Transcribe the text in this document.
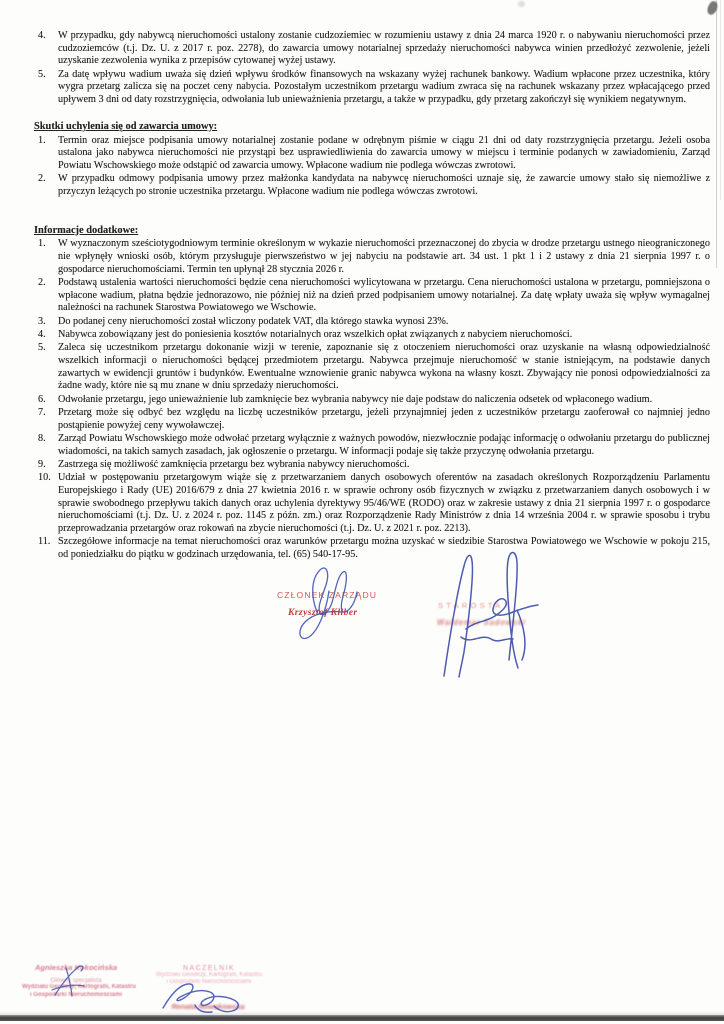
4.	W przypadku, gdy nabywcą nieruchomości ustalony zostanie cudzoziemiec w rozumieniu ustawy z dnia 24 marca 1920 r. o nabywaniu nieruchomości przez cudzoziemców (t.j. Dz. U. z 2017 r. poz. 2278), do zawarcia umowy notarialnej sprzedaży nieruchomości nabywca winien przedłożyć zezwolenie, jeżeli uzyskanie zezwolenia wynika z przepisów cytowanej wyżej ustawy.
5.	Za datę wpływu wadium uważa się dzień wpływu środków finansowych na wskazany wyżej rachunek bankowy. Wadium wpłacone przez uczestnika, który wygra przetarg zalicza się na poczet ceny nabycia. Pozostałym uczestnikom przetargu wadium zwraca się na rachunek wskazany przez wpłacającego przed upływem 3 dni od daty rozstrzygnięcia, odwołania lub unieważnienia przetargu, a także w przypadku, gdy przetarg zakończył się wynikiem negatywnym.
Skutki uchylenia się od zawarcia umowy:
1.	Termin oraz miejsce podpisania umowy notarialnej zostanie podane w odrębnym piśmie w ciągu 21 dni od daty rozstrzygnięcia przetargu. Jeżeli osoba ustalona jako nabywca nieruchomości nie przystąpi bez usprawiedliwienia do zawarcia umowy w miejscu i terminie podanych w zawiadomieniu, Zarząd Powiatu Wschowskiego może odstąpić od zawarcia umowy. Wpłacone wadium nie podlega wówczas zwrotowi.
2.	W przypadku odmowy podpisania umowy przez małżonka kandydata na nabywcę nieruchomości uznaje się, że zawarcie umowy stało się niemożliwe z przyczyn leżących po stronie uczestnika przetargu. Wpłacone wadium nie podlega wówczas zwrotowi.
Informacje dodatkowe:
1.	W wyznaczonym sześciotygodniowym terminie określonym w wykazie nieruchomości przeznaczonej do zbycia w drodze przetargu ustnego nieograniczonego nie wpłynęły wnioski osób, którym przysługuje pierwszeństwo w jej nabyciu na podstawie art. 34 ust. 1 pkt 1 i 2 ustawy z dnia 21 sierpnia 1997 r. o gospodarce nieruchomościami. Termin ten upłynął 28 stycznia 2026 r.
2.	Podstawą ustalenia wartości nieruchomości będzie cena nieruchomości wylicytowana w przetargu. Cena nieruchomości ustalona w przetargu, pomniejszona o wpłacone wadium, płatna będzie jednorazowo, nie później niż na dzień przed podpisaniem umowy notarialnej. Za datę wpłaty uważa się wpływ wymagalnej należności na rachunek Starostwa Powiatowego we Wschowie.
3.	Do podanej ceny nieruchomości został wliczony podatek VAT, dla którego stawka wynosi 23%.
4.	Nabywca zobowiązany jest do poniesienia kosztów notarialnych oraz wszelkich opłat związanych z nabyciem nieruchomości.
5.	Zaleca się uczestnikom przetargu dokonanie wizji w terenie, zapoznanie się z otoczeniem nieruchomości oraz uzyskanie na własną odpowiedzialność wszelkich informacji o nieruchomości będącej przedmiotem przetargu. Nabywca przejmuje nieruchomość w stanie istniejącym, na podstawie danych zawartych w ewidencji gruntów i budynków. Ewentualne wznowienie granic nabywca wykona na własny koszt. Zbywający nie ponosi odpowiedzialności za żadne wady, które nie są mu znane w dniu sprzedaży nieruchomości.
6.	Odwołanie przetargu, jego unieważnienie lub zamknięcie bez wybrania nabywcy nie daje podstaw do naliczenia odsetek od wpłaconego wadium.
7.	Przetarg może się odbyć bez względu na liczbę uczestników przetargu, jeżeli przynajmniej jeden z uczestników przetargu zaoferował co najmniej jedno postąpienie powyżej ceny wywoławczej.
8.	Zarząd Powiatu Wschowskiego może odwołać przetarg wyłącznie z ważnych powodów, niezwłocznie podając informację o odwołaniu przetargu do publicznej wiadomości, na takich samych zasadach, jak ogłoszenie o przetargu. W informacji podaje się także przyczynę odwołania przetargu.
9.	Zastrzega się możliwość zamknięcia przetargu bez wybrania nabywcy nieruchomości.
10. Udział w postępowaniu przetargowym wiąże się z przetwarzaniem danych osobowych oferentów na zasadach określonych Rozporządzeniu Parlamentu Europejskiego i Rady (UE) 2016/679 z dnia 27 kwietnia 2016 r. w sprawie ochrony osób fizycznych w związku z przetwarzaniem danych osobowych i w sprawie swobodnego przepływu takich danych oraz uchylenia dyrektywy 95/46/WE (RODO) oraz w zakresie ustawy z dnia 21 sierpnia 1997 r. o gospodarce nieruchomościami (t.j. Dz. U. z 2024 r. poz. 1145 z późn. zm.) oraz Rozporządzenie Rady Ministrów z dnia 14 września 2004 r. w sprawie sposobu i trybu przeprowadzania przetargów oraz rokowań na zbycie nieruchomości (t.j. Dz. U. z 2021 r. poz. 2213).
11. Szczegółowe informacje na temat nieruchomości oraz warunków przetargu można uzyskać w siedzibie Starostwa Powiatowego we Wschowie w pokoju 215, od poniedziałku do piątku w godzinach urzędowania, tel. (65) 540-17-95.
CZŁONEK ZARZĄDU
Krzysztof Kliber
STAROSTA
Waldemar Sadowski
Agnieszka Kokocińska
Główny specjalista
Wydziału Geodezji, Kartografii, Katastru
i Gospodarki Nieruchomościami
NACZELNIK
Wydziału Geodezji, Kartografii, Katastru
i Gospodarki Nieruchomościami
Renata Nowakowska
